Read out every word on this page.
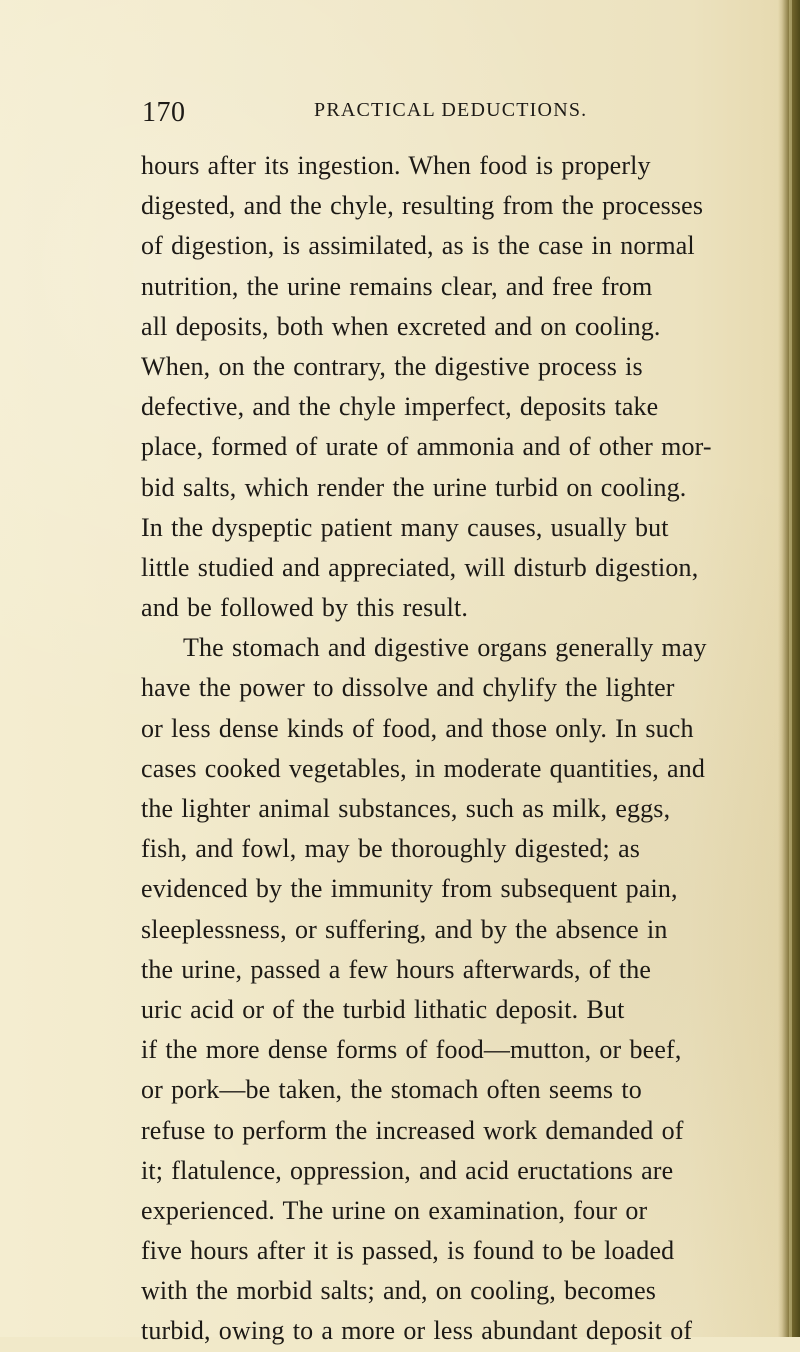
170	PRACTICAL DEDUCTIONS.
hours after its ingestion. When food is properly
digested, and the chyle, resulting from the processes
of digestion, is assimilated, as is the case in normal
nutrition, the urine remains clear, and free from
all deposits, both when excreted and on cooling.
When, on the contrary, the digestive process is
defective, and the chyle imperfect, deposits take
place, formed of urate of ammonia and of other mor-
bid salts, which render the urine turbid on cooling.
In the dyspeptic patient many causes, usually but
little studied and appreciated, will disturb digestion,
and be followed by this result.
The stomach and digestive organs generally may
have the power to dissolve and chylify the lighter
or less dense kinds of food, and those only. In such
cases cooked vegetables, in moderate quantities, and
the lighter animal substances, such as milk, eggs,
fish, and fowl, may be thoroughly digested; as
evidenced by the immunity from subsequent pain,
sleeplessness, or suffering, and by the absence in
the urine, passed a few hours afterwards, of the
uric acid or of the turbid lithatic deposit. But
if the more dense forms of food—mutton, or beef,
or pork—be taken, the stomach often seems to
refuse to perform the increased work demanded of
it; flatulence, oppression, and acid eructations are
experienced. The urine on examination, four or
five hours after it is passed, is found to be loaded
with the morbid salts; and, on cooling, becomes
turbid, owing to a more or less abundant deposit of
